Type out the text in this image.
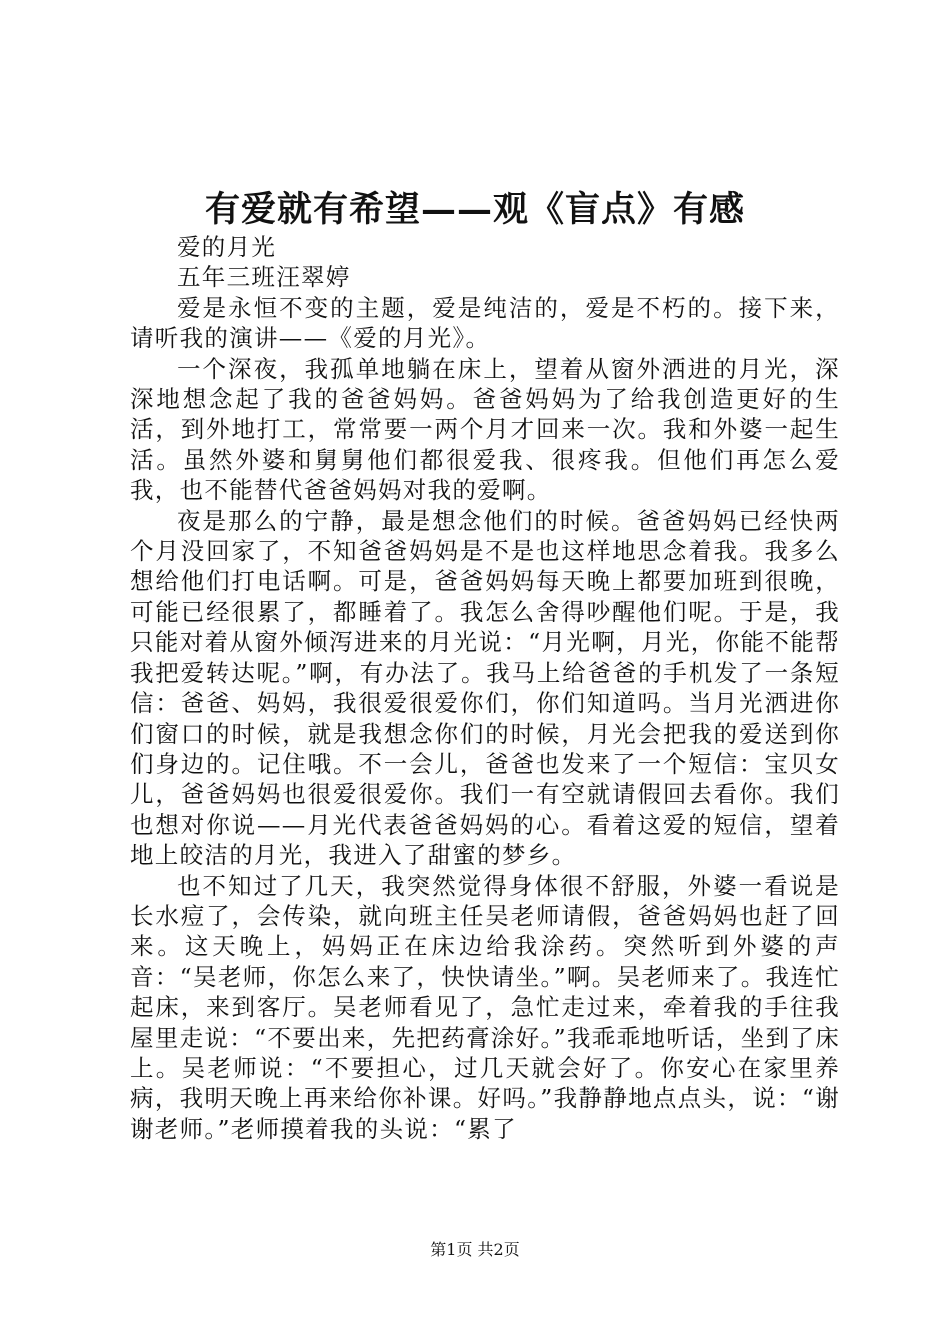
有爱就有希望——观《盲点》有感

爱的月光

五年三班汪翠婷

爱是永恒不变的主题，爱是纯洁的，爱是不朽的。接下来，请听我的演讲——《爱的月光》。

一个深夜，我孤单地躺在床上，望着从窗外洒进的月光，深深地想念起了我的爸爸妈妈。爸爸妈妈为了给我创造更好的生活，到外地打工，常常要一两个月才回来一次。我和外婆一起生活。虽然外婆和舅舅他们都很爱我、很疼我。但他们再怎么爱我，也不能替代爸爸妈妈对我的爱啊。

夜是那么的宁静，最是想念他们的时候。爸爸妈妈已经快两个月没回家了，不知爸爸妈妈是不是也这样地思念着我。我多么想给他们打电话啊。可是，爸爸妈妈每天晚上都要加班到很晚，可能已经很累了，都睡着了。我怎么舍得吵醒他们呢。于是，我只能对着从窗外倾泻进来的月光说：“月光啊，月光，你能不能帮我把爱转达呢。”啊，有办法了。我马上给爸爸的手机发了一条短信：爸爸、妈妈，我很爱很爱你们，你们知道吗。当月光洒进你们窗口的时候，就是我想念你们的时候，月光会把我的爱送到你们身边的。记住哦。不一会儿，爸爸也发来了一个短信：宝贝女儿，爸爸妈妈也很爱很爱你。我们一有空就请假回去看你。我们也想对你说——月光代表爸爸妈妈的心。看着这爱的短信，望着地上皎洁的月光，我进入了甜蜜的梦乡。

也不知过了几天，我突然觉得身体很不舒服，外婆一看说是长水痘了，会传染，就向班主任吴老师请假，爸爸妈妈也赶了回来。这天晚上，妈妈正在床边给我涂药。突然听到外婆的声音：“吴老师，你怎么来了，快快请坐。”啊。吴老师来了。我连忙起床，来到客厅。吴老师看见了，急忙走过来，牵着我的手往我屋里走说：“不要出来，先把药膏涂好。”我乖乖地听话，坐到了床上。吴老师说：“不要担心，过几天就会好了。你安心在家里养病，我明天晚上再来给你补课。好吗。”我静静地点点头，说：“谢谢老师。”老师摸着我的头说：“累了

第1页 共2页
